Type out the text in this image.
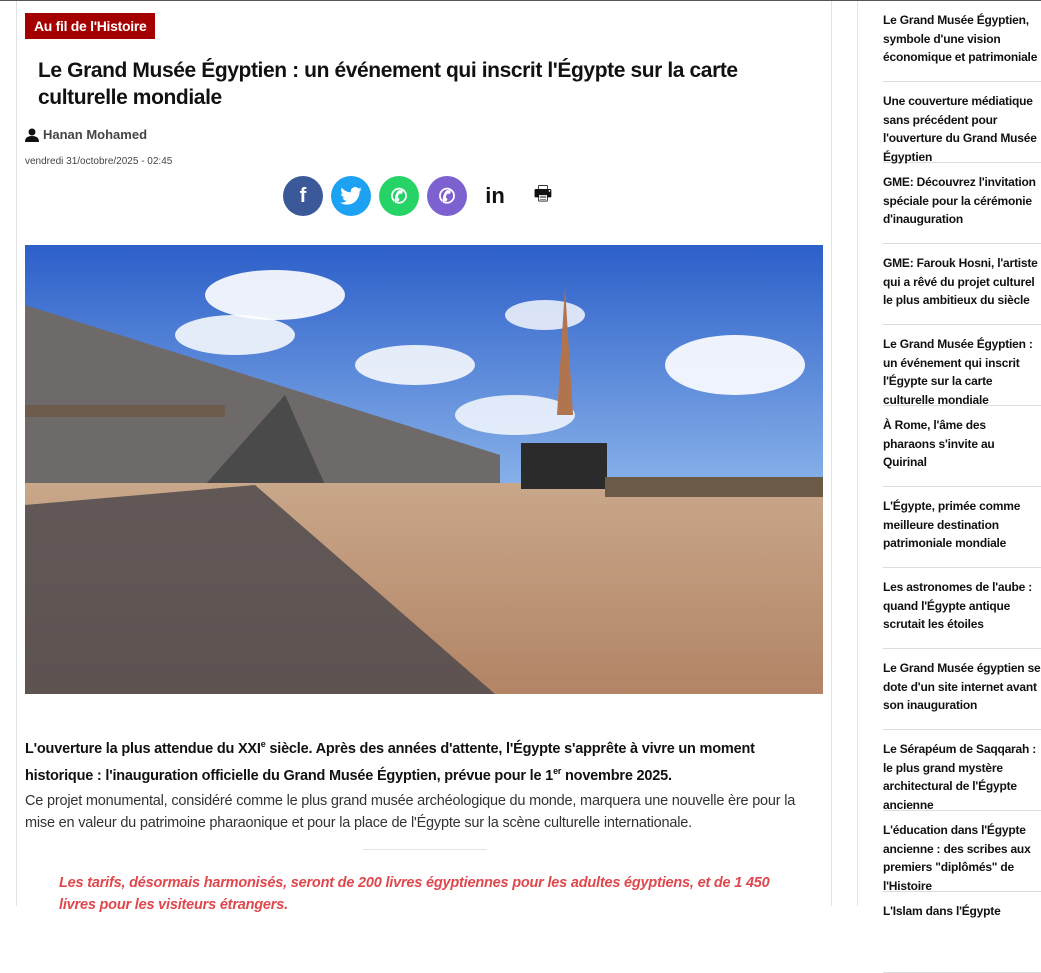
Au fil de l'Histoire
Le Grand Musée Égyptien : un événement qui inscrit l'Égypte sur la carte culturelle mondiale
Hanan Mohamed
vendredi 31/octobre/2025 - 02:45
f	✆ ✆ in 🖶

L'ouverture la plus attendue du XXIe siècle. Après des années d'attente, l'Égypte s'apprête à vivre un moment historique : l'inauguration officielle du Grand Musée Égyptien, prévue pour le 1er novembre 2025.

Ce projet monumental, considéré comme le plus grand musée archéologique du monde, marquera une nouvelle ère pour la mise en valeur du patrimoine pharaonique et pour la place de l'Égypte sur la scène culturelle internationale.

Les tarifs, désormais harmonisés, seront de 200 livres égyptiennes pour les adultes égyptiens, et de 1 450 livres pour les visiteurs étrangers.

Le Grand Musée Égyptien, symbole d'une vision économique et patrimoniale
Une couverture médiatique sans précédent pour l'ouverture du Grand Musée Égyptien
GME: Découvrez l'invitation spéciale pour la cérémonie d'inauguration
GME: Farouk Hosni, l'artiste qui a rêvé du projet culturel le plus ambitieux du siècle
Le Grand Musée Égyptien : un événement qui inscrit l'Égypte sur la carte culturelle mondiale
À Rome, l'âme des pharaons s'invite au Quirinal
L'Égypte, primée comme meilleure destination patrimoniale mondiale
Les astronomes de l'aube : quand l'Égypte antique scrutait les étoiles
Le Grand Musée égyptien se dote d'un site internet avant son inauguration
Le Sérapéum de Saqqarah : le plus grand mystère architectural de l'Égypte ancienne
L'éducation dans l'Égypte ancienne : des scribes aux premiers "diplômés" de l'Histoire
L'Islam dans l'Égypte
